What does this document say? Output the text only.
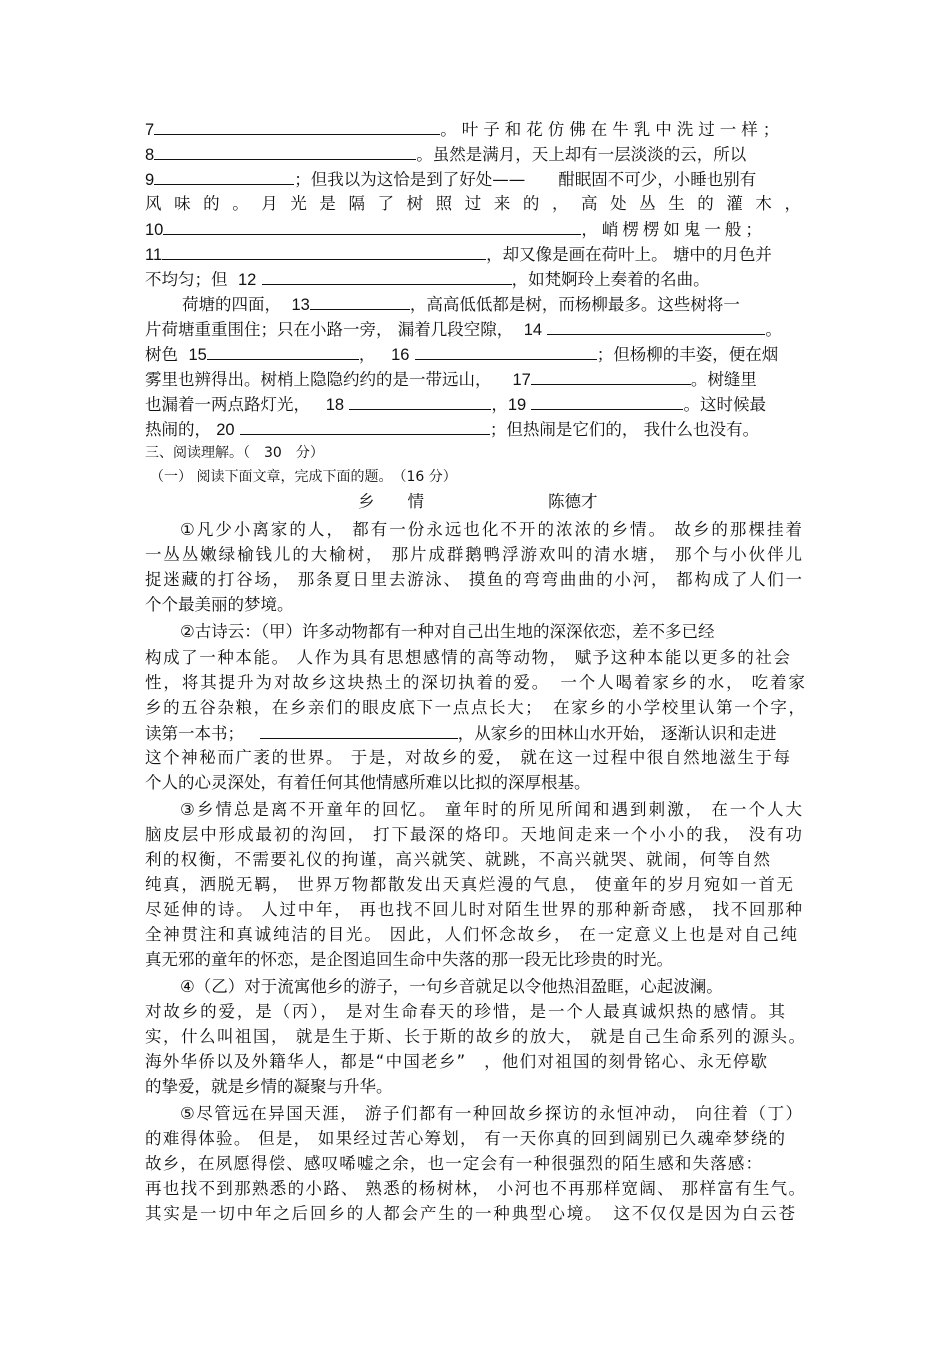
7	。叶子和花仿佛在牛乳中洗过一样；
8	。虽然是满月，天上却有一层淡淡的云，所以
9	；但我以为这恰是到了好处——　　酣眠固不可少，小睡也别有
风味的。月光是隔了树照过来的，高处丛生的灌木，
10	，峭楞楞如鬼一般；
11	，却又像是画在荷叶上。 塘中的月色并
不均匀；但 12	，如梵婀玲上奏着的名曲。
荷塘的四面， 13	，高高低低都是树，而杨柳最多。这些树将一
片荷塘重重围住；只在小路一旁， 漏着几段空隙， 14	。
树色 15	，   16	；但杨柳的丰姿，便在烟
雾里也辨得出。树梢上隐隐约约的是一带远山， 17	。树缝里
也漏着一两点路灯光， 18	，19	。这时候最
热闹的， 20	；但热闹是它们的， 我什么也没有。
三、阅读理解。（　30　分）
（一） 阅读下面文章，完成下面的题。　（16 分）
乡　　情	陈德才
①凡少小离家的人， 都有一份永远也化不开的浓浓的乡情。 故乡的那棵挂着
一丛丛嫩绿榆钱儿的大榆树， 那片成群鹅鸭浮游欢叫的清水塘， 那个与小伙伴儿
捉迷藏的打谷场， 那条夏日里去游泳、 摸鱼的弯弯曲曲的小河， 都构成了人们一
个个最美丽的梦境。
②古诗云：（甲）许多动物都有一种对自己出生地的深深依恋，差不多已经
构成了一种本能。 人作为具有思想感情的高等动物， 赋予这种本能以更多的社会
性，将其提升为对故乡这块热土的深切执着的爱。　一个人喝着家乡的水， 吃着家
乡的五谷杂粮，在乡亲们的眼皮底下一点点长大；　在家乡的小学校里认第一个字，
读第一本书；	，从家乡的田林山水开始， 逐渐认识和走进
这个神秘而广袤的世界。 于是，对故乡的爱， 就在这一过程中很自然地滋生于每
个人的心灵深处，有着任何其他情感所难以比拟的深厚根基。
③乡情总是离不开童年的回忆。 童年时的所见所闻和遇到刺激， 在一个人大
脑皮层中形成最初的沟回， 打下最深的烙印。天地间走来一个小小的我， 没有功
利的权衡，不需要礼仪的拘谨，高兴就笑、就跳，不高兴就哭、就闹，何等自然
纯真，洒脱无羁， 世界万物都散发出天真烂漫的气息， 使童年的岁月宛如一首无
尽延伸的诗。 人过中年， 再也找不回儿时对陌生世界的那种新奇感， 找不回那种
全神贯注和真诚纯洁的目光。 因此，人们怀念故乡， 在一定意义上也是对自己纯
真无邪的童年的怀恋，是企图追回生命中失落的那一段无比珍贵的时光。
④（乙）对于流寓他乡的游子，一句乡音就足以令他热泪盈眶，心起波澜。
对故乡的爱，是（丙）， 是对生命春天的珍惜，是一个人最真诚炽热的感情。其
实，什么叫祖国， 就是生于斯、长于斯的故乡的放大， 就是自己生命系列的源头。
海外华侨以及外籍华人，都是“中国老乡”　，他们对祖国的刻骨铭心、永无停歇
的挚爱，就是乡情的凝聚与升华。
⑤尽管远在异国天涯， 游子们都有一种回故乡探访的永恒冲动， 向往着（丁）
的难得体验。 但是， 如果经过苦心筹划， 有一天你真的回到阔别已久魂牵梦绕的
故乡，在夙愿得偿、感叹唏嘘之余，也一定会有一种很强烈的陌生感和失落感：
再也找不到那熟悉的小路、 熟悉的杨树林， 小河也不再那样宽阔、 那样富有生气。
其实是一切中年之后回乡的人都会产生的一种典型心境。　这不仅仅是因为白云苍
